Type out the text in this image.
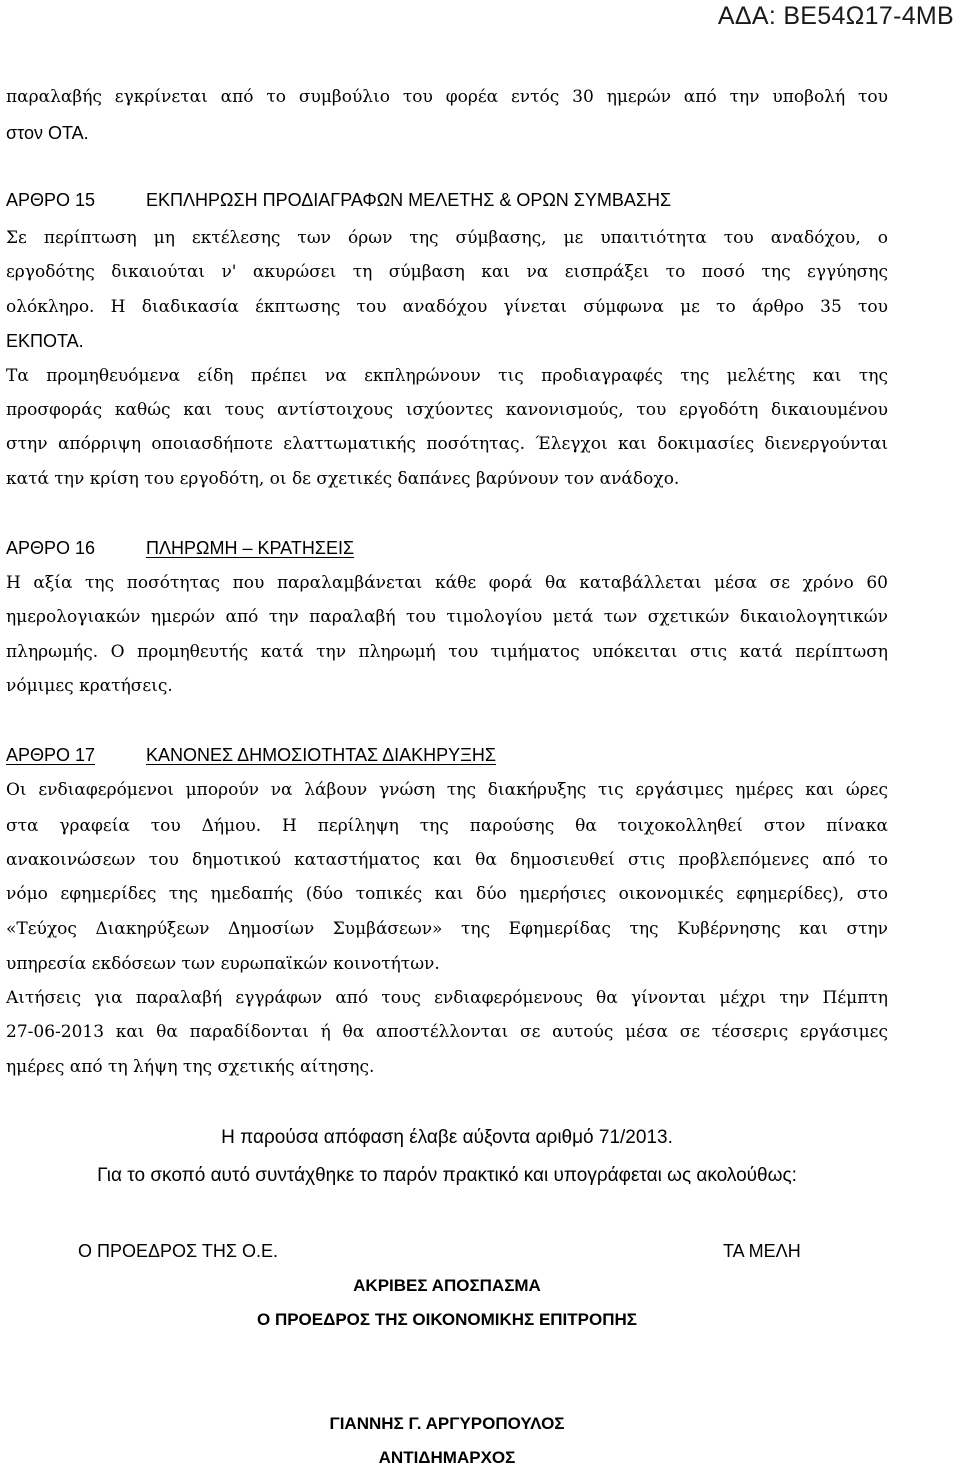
ΑΔΑ: ΒΕ54Ω17-4ΜΒ
παραλαβής εγκρίνεται από το συμβούλιο του φορέα εντός 30 ημερών από την υποβολή του
στον ΟΤΑ.
ΑΡΘΡΟ 15	ΕΚΠΛΗΡΩΣΗ ΠΡΟΔΙΑΓΡΑΦΩΝ ΜΕΛΕΤΗΣ & ΟΡΩΝ ΣΥΜΒΑΣΗΣ
Σε περίπτωση μη εκτέλεσης των όρων της σύμβασης, με υπαιτιότητα του αναδόχου, ο
εργοδότης δικαιούται ν' ακυρώσει τη σύμβαση και να εισπράξει το ποσό της εγγύησης
ολόκληρο. Η διαδικασία έκπτωσης του αναδόχου γίνεται σύμφωνα με το άρθρο 35 του
ΕΚΠΟΤΑ.
Τα προμηθευόμενα είδη πρέπει να εκπληρώνουν τις προδιαγραφές της μελέτης και της
προσφοράς καθώς και τους αντίστοιχους ισχύοντες κανονισμούς, του εργοδότη δικαιουμένου
στην απόρριψη οποιασδήποτε ελαττωματικής ποσότητας. Έλεγχοι και δοκιμασίες διενεργούνται
κατά την κρίση του εργοδότη, οι δε σχετικές δαπάνες βαρύνουν τον ανάδοχο.
ΑΡΘΡΟ 16	ΠΛΗΡΩΜΗ – ΚΡΑΤΗΣΕΙΣ
Η αξία της ποσότητας που παραλαμβάνεται κάθε φορά θα καταβάλλεται μέσα σε χρόνο 60
ημερολογιακών ημερών από την παραλαβή του τιμολογίου μετά των σχετικών δικαιολογητικών
πληρωμής. Ο προμηθευτής κατά την πληρωμή του τιμήματος υπόκειται στις κατά περίπτωση
νόμιμες κρατήσεις.
ΑΡΘΡΟ 17	ΚΑΝΟΝΕΣ ΔΗΜΟΣΙΟΤΗΤΑΣ ΔΙΑΚΗΡΥΞΗΣ
Οι ενδιαφερόμενοι μπορούν να λάβουν γνώση της διακήρυξης τις εργάσιμες ημέρες και ώρες
στα γραφεία του Δήμου. Η περίληψη της παρούσης θα τοιχοκολληθεί στον πίνακα
ανακοινώσεων του δημοτικού καταστήματος και θα δημοσιευθεί στις προβλεπόμενες από το
νόμο εφημερίδες της ημεδαπής (δύο τοπικές και δύο ημερήσιες οικονομικές εφημερίδες), στο
«Τεύχος Διακηρύξεων Δημοσίων Συμβάσεων» της Εφημερίδας της Κυβέρνησης και στην
υπηρεσία εκδόσεων των ευρωπαϊκών κοινοτήτων.
Αιτήσεις για παραλαβή εγγράφων από τους ενδιαφερόμενους θα γίνονται μέχρι την Πέμπτη
27-06-2013 και θα παραδίδονται ή θα αποστέλλονται σε αυτούς μέσα σε τέσσερις εργάσιμες
ημέρες από τη λήψη της σχετικής αίτησης.
Η παρούσα απόφαση έλαβε αύξοντα αριθμό 71/2013.
Για το σκοπό αυτό συντάχθηκε το παρόν πρακτικό και υπογράφεται ως ακολούθως:
Ο ΠΡΟΕΔΡΟΣ ΤΗΣ Ο.Ε.	ΤΑ ΜΕΛΗ
ΑΚΡΙΒΕΣ ΑΠΟΣΠΑΣΜΑ
Ο ΠΡΟΕΔΡΟΣ ΤΗΣ ΟΙΚΟΝΟΜΙΚΗΣ ΕΠΙΤΡΟΠΗΣ
ΓΙΑΝΝΗΣ Γ. ΑΡΓΥΡΟΠΟΥΛΟΣ
ΑΝΤΙΔΗΜΑΡΧΟΣ
